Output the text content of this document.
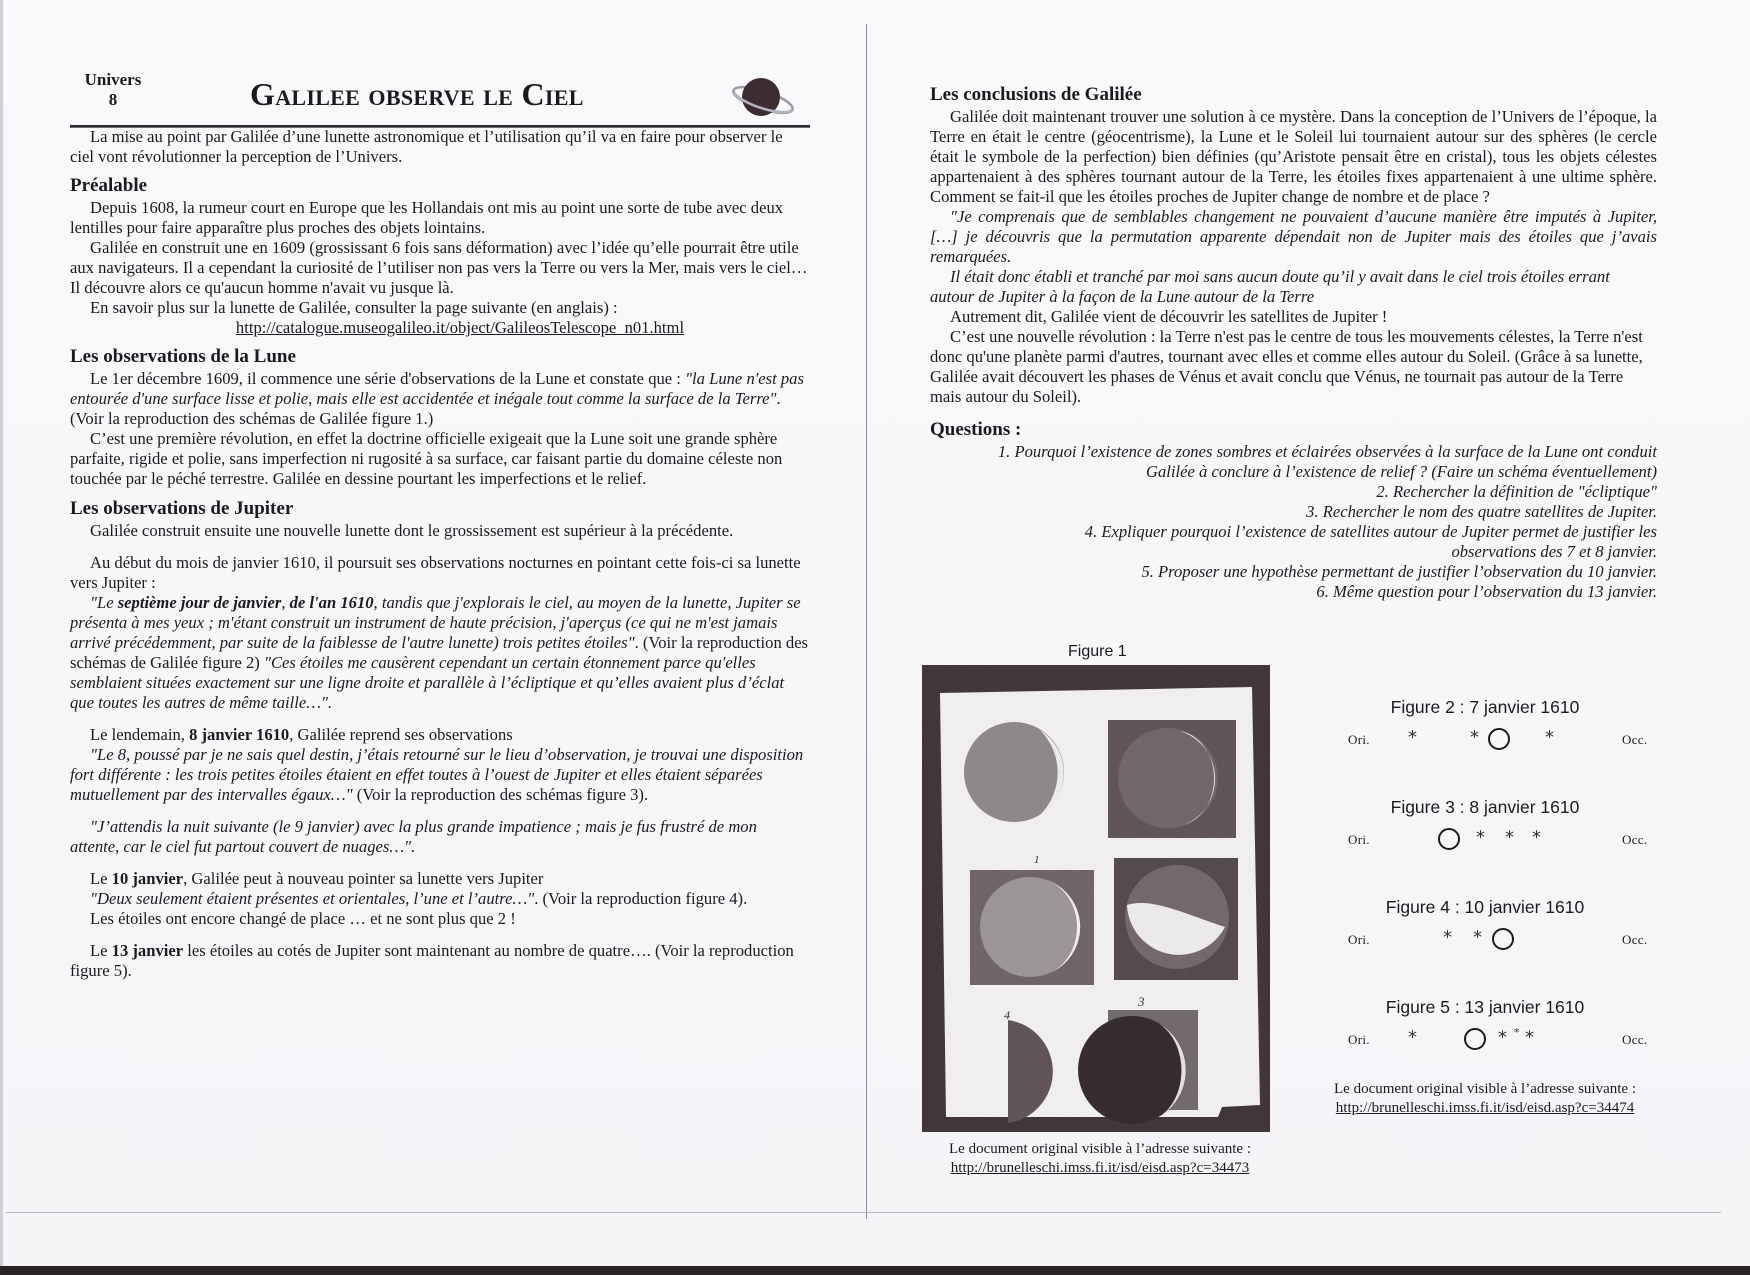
Univers
8	Galilee observe le Ciel

La mise au point par Galilée d’une lunette astronomique et l’utilisation qu’il va en faire pour observer le ciel vont révolutionner la perception de l’Univers.

Préalable

Depuis 1608, la rumeur court en Europe que les Hollandais ont mis au point une sorte de tube avec deux lentilles pour faire apparaître plus proches des objets lointains.

Galilée en construit une en 1609 (grossissant 6 fois sans déformation) avec l’idée qu’elle pourrait être utile aux navigateurs. Il a cependant la curiosité de l’utiliser non pas vers la Terre ou vers la Mer, mais vers le ciel… Il découvre alors ce qu'aucun homme n'avait vu jusque là.

En savoir plus sur la lunette de Galilée, consulter la page suivante (en anglais) :

http://catalogue.museogalileo.it/object/GalileosTelescope_n01.html

Les observations de la Lune

Le 1er décembre 1609, il commence une série d'observations de la Lune et constate que : "la Lune n'est pas entourée d'une surface lisse et polie, mais elle est accidentée et inégale tout comme la surface de la Terre". (Voir la reproduction des schémas de Galilée figure 1.)

C’est une première révolution, en effet la doctrine officielle exigeait que la Lune soit une grande sphère parfaite, rigide et polie, sans imperfection ni rugosité à sa surface, car faisant partie du domaine céleste non touchée par le péché terrestre. Galilée en dessine pourtant les imperfections et le relief.

Les observations de Jupiter

Galilée construit ensuite une nouvelle lunette dont le grossissement est supérieur à la précédente.

Au début du mois de janvier 1610, il poursuit ses observations nocturnes en pointant cette fois-ci sa lunette vers Jupiter :

"Le septième jour de janvier, de l'an 1610, tandis que j'explorais le ciel, au moyen de la lunette, Jupiter se présenta à mes yeux ; m'étant construit un instrument de haute précision, j'aperçus (ce qui ne m'est jamais arrivé précédemment, par suite de la faiblesse de l'autre lunette) trois petites étoiles". (Voir la reproduction des schémas de Galilée figure 2) "Ces étoiles me causèrent cependant un certain étonnement parce qu'elles semblaient situées exactement sur une ligne droite et parallèle à l’écliptique et qu’elles avaient plus d’éclat que toutes les autres de même taille…".

Le lendemain, 8 janvier 1610, Galilée reprend ses observations

"Le 8, poussé par je ne sais quel destin, j’étais retourné sur le lieu d’observation, je trouvai une disposition fort différente : les trois petites étoiles étaient en effet toutes à l’ouest de Jupiter et elles étaient séparées mutuellement par des intervalles égaux…" (Voir la reproduction des schémas figure 3).

"J’attendis la nuit suivante (le 9 janvier) avec la plus grande impatience ; mais je fus frustré de mon attente, car le ciel fut partout couvert de nuages…".

Le 10 janvier, Galilée peut à nouveau pointer sa lunette vers Jupiter

"Deux seulement étaient présentes et orientales, l’une et l’autre…". (Voir la reproduction figure 4).

Les étoiles ont encore changé de place … et ne sont plus que 2 !

Le 13 janvier les étoiles au cotés de Jupiter sont maintenant au nombre de quatre…. (Voir la reproduction figure 5).

Les conclusions de Galilée

Galilée doit maintenant trouver une solution à ce mystère. Dans la conception de l’Univers de l’époque, la Terre en était le centre (géocentrisme), la Lune et le Soleil lui tournaient autour sur des sphères (le cercle était le symbole de la perfection) bien définies (qu’Aristote pensait être en cristal), tous les objets célestes appartenaient à des sphères tournant autour de la Terre, les étoiles fixes appartenaient à une ultime sphère. Comment se fait-il que les étoiles proches de Jupiter change de nombre et de place ?

"Je comprenais que de semblables changement ne pouvaient d’aucune manière être imputés à Jupiter, […] je découvris que la permutation apparente dépendait non de Jupiter mais des étoiles que j’avais remarquées.

Il était donc établi et tranché par moi sans aucun doute qu’il y avait dans le ciel trois étoiles errant autour de Jupiter à la façon de la Lune autour de la Terre

Autrement dit, Galilée vient de découvrir les satellites de Jupiter !

C’est une nouvelle révolution : la Terre n'est pas le centre de tous les mouvements célestes, la Terre n'est donc qu'une planète parmi d'autres, tournant avec elles et comme elles autour du Soleil. (Grâce à sa lunette, Galilée avait découvert les phases de Vénus et avait conclu que Vénus, ne tournait pas autour de la Terre mais autour du Soleil).

Questions :
1. Pourquoi l’existence de zones sombres et éclairées observées à la surface de la Lune ont conduit Galilée à conclure à l’existence de relief ? (Faire un schéma éventuellement)
2. Rechercher la définition de "écliptique"
3. Rechercher le nom des quatre satellites de Jupiter.
4. Expliquer pourquoi l’existence de satellites autour de Jupiter permet de justifier les observations des 7 et 8 janvier.
5. Proposer une hypothèse permettant de justifier l’observation du 10 janvier.
6. Même question pour l’observation du 13 janvier.
Figure 1
1
3
4
Le document original visible à l’adresse suivante :
http://brunelleschi.imss.fi.it/isd/eisd.asp?c=34473
Figure 2 : 7 janvier 1610
Ori. *	*	*	Occ.
Figure 3 : 8 janvier 1610
Ori.	* * *	Occ.
Figure 4 : 10 janvier 1610
Ori.	* *	Occ.
Figure 5 : 13 janvier 1610
Ori. *	* * *	Occ.
Le document original visible à l’adresse suivante :
http://brunelleschi.imss.fi.it/isd/eisd.asp?c=34474
